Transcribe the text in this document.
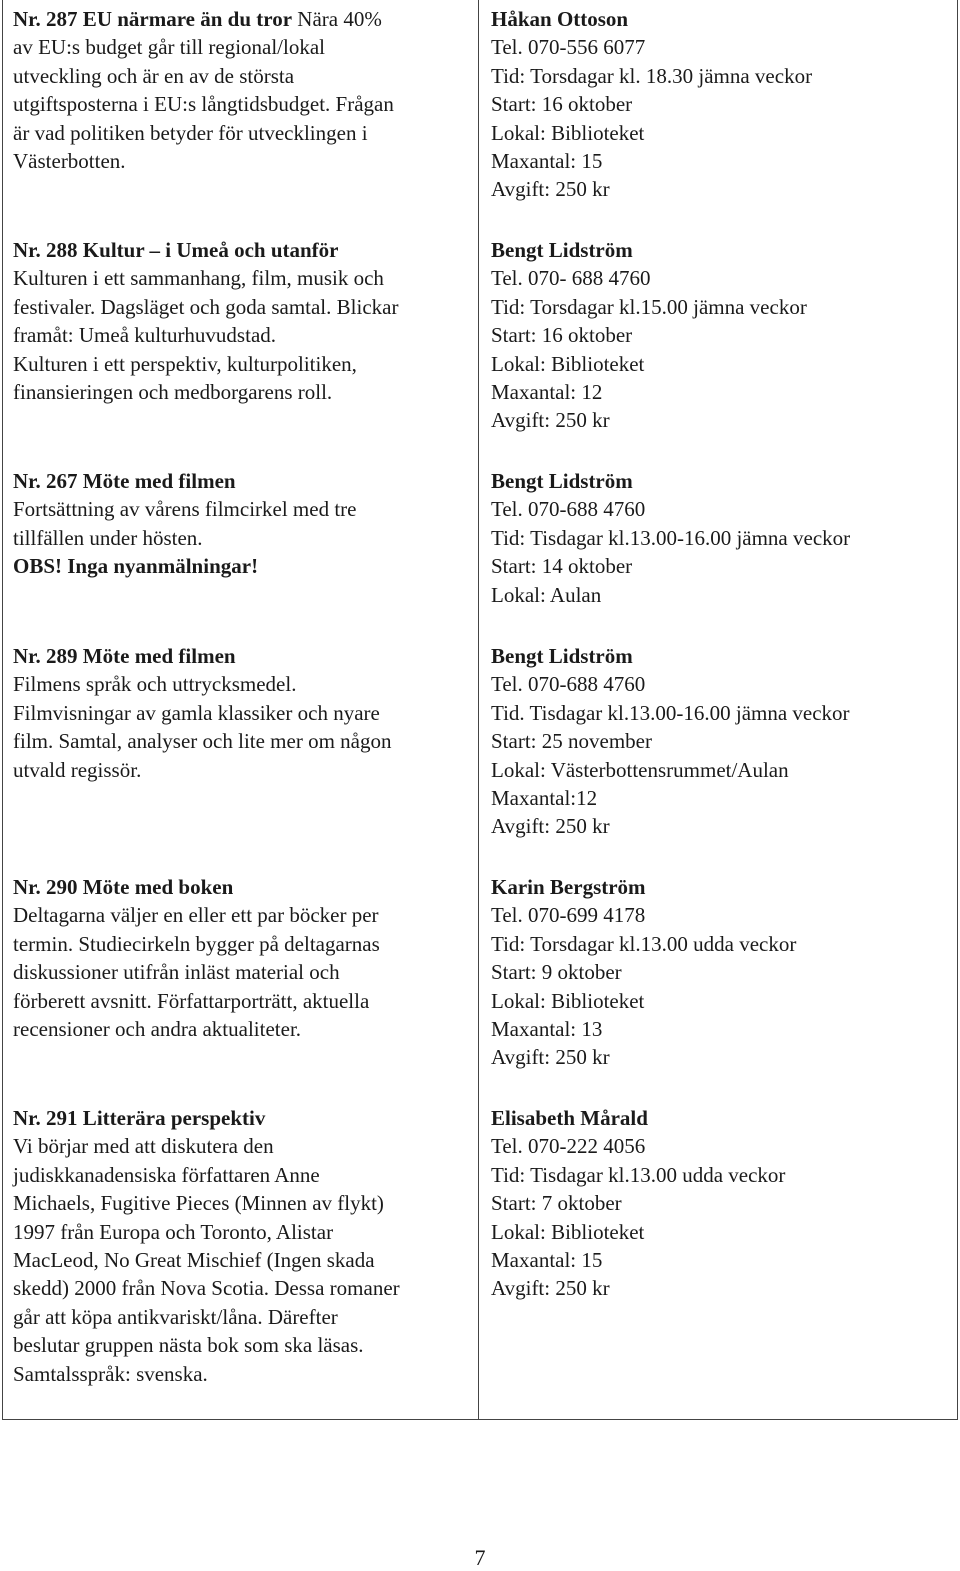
Nr. 287 EU närmare än du tror Nära 40%
av EU:s budget går till regional/lokal
utveckling och är en av de största
utgiftsposterna i EU:s långtidsbudget. Frågan
är vad politiken betyder för utvecklingen i
Västerbotten.
Håkan Ottoson
Tel. 070-556 6077
Tid: Torsdagar kl. 18.30 jämna veckor
Start: 16 oktober
Lokal: Biblioteket
Maxantal: 15
Avgift: 250 kr
Nr. 288 Kultur – i Umeå och utanför
Kulturen i ett sammanhang, film, musik och
festivaler. Dagsläget och goda samtal. Blickar
framåt: Umeå kulturhuvudstad.
Kulturen i ett perspektiv, kulturpolitiken,
finansieringen och medborgarens roll.
Bengt Lidström
Tel. 070- 688 4760
Tid: Torsdagar kl.15.00 jämna veckor
Start: 16 oktober
Lokal: Biblioteket
Maxantal: 12
Avgift: 250 kr
Nr. 267 Möte med filmen
Fortsättning av vårens filmcirkel med tre
tillfällen under hösten.
OBS! Inga nyanmälningar!
Bengt Lidström
Tel. 070-688 4760
Tid: Tisdagar kl.13.00-16.00 jämna veckor
Start: 14 oktober
Lokal: Aulan
Nr. 289 Möte med filmen
Filmens språk och uttrycksmedel.
Filmvisningar av gamla klassiker och nyare
film. Samtal, analyser och lite mer om någon
utvald regissör.
Bengt Lidström
Tel. 070-688 4760
Tid. Tisdagar kl.13.00-16.00 jämna veckor
Start: 25 november
Lokal: Västerbottensrummet/Aulan
Maxantal:12
Avgift: 250 kr
Nr. 290 Möte med boken
Deltagarna väljer en eller ett par böcker per
termin. Studiecirkeln bygger på deltagarnas
diskussioner utifrån inläst material och
förberett avsnitt. Författarporträtt, aktuella
recensioner och andra aktualiteter.
Karin Bergström
Tel. 070-699 4178
Tid: Torsdagar kl.13.00 udda veckor
Start: 9 oktober
Lokal: Biblioteket
Maxantal: 13
Avgift: 250 kr
Nr. 291 Litterära perspektiv
Vi börjar med att diskutera den
judiskkanadensiska författaren Anne
Michaels, Fugitive Pieces (Minnen av flykt)
1997 från Europa och Toronto, Alistar
MacLeod, No Great Mischief (Ingen skada
skedd) 2000 från Nova Scotia. Dessa romaner
går att köpa antikvariskt/låna. Därefter
beslutar gruppen nästa bok som ska läsas.
Samtalsspråk: svenska.
Elisabeth Mårald
Tel. 070-222 4056
Tid: Tisdagar kl.13.00 udda veckor
Start: 7 oktober
Lokal: Biblioteket
Maxantal: 15
Avgift: 250 kr
7
